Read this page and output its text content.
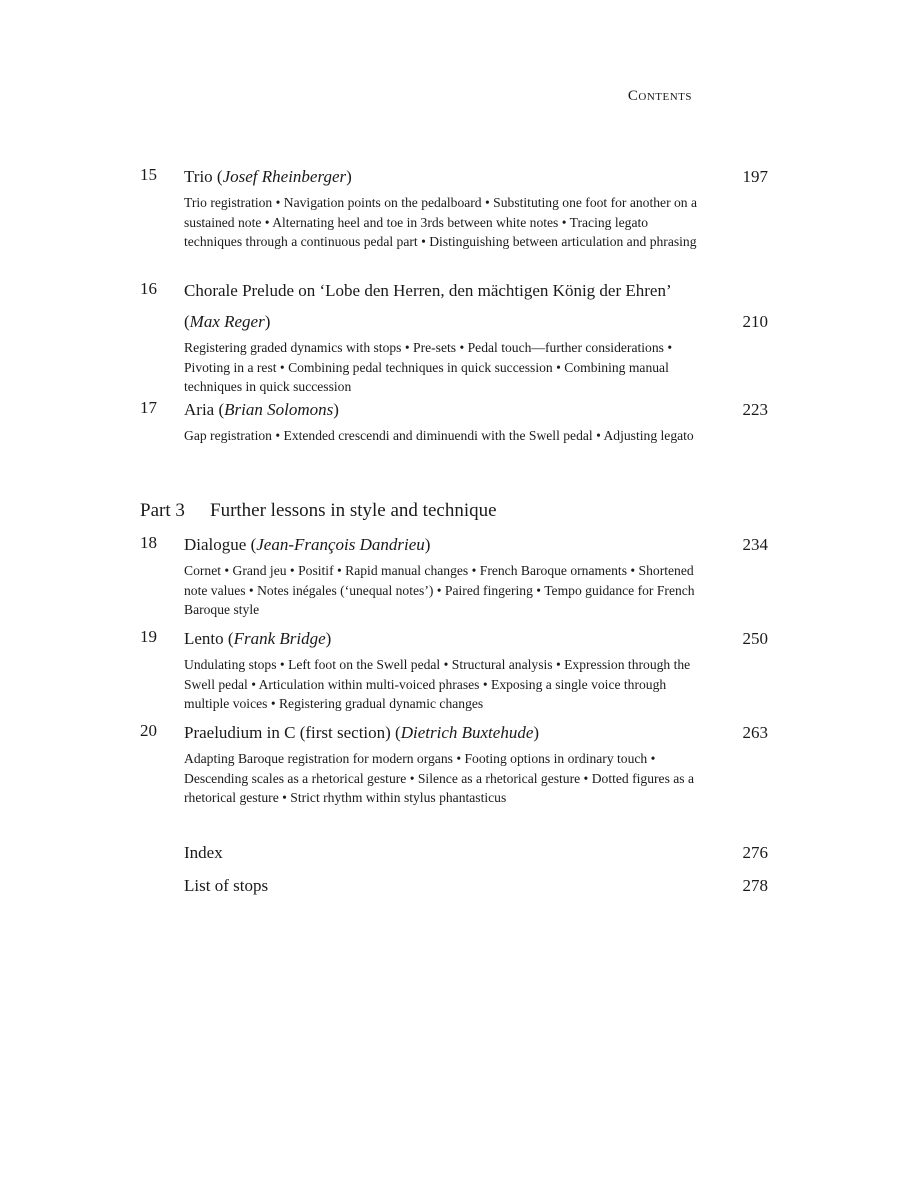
Contents
15	Trio (Josef Rheinberger)	197
Trio registration • Navigation points on the pedalboard • Substituting one foot for another on a sustained note • Alternating heel and toe in 3rds between white notes • Tracing legato techniques through a continuous pedal part • Distinguishing between articulation and phrasing
16	Chorale Prelude on ‘Lobe den Herren, den mächtigen König der Ehren’
(Max Reger)	210
Registering graded dynamics with stops • Pre-sets • Pedal touch—further considerations • Pivoting in a rest • Combining pedal techniques in quick succession • Combining manual techniques in quick succession
17	Aria (Brian Solomons)	223
Gap registration • Extended crescendi and diminuendi with the Swell pedal • Adjusting legato
Part 3 Further lessons in style and technique
18	Dialogue (Jean-François Dandrieu)	234
Cornet • Grand jeu • Positif • Rapid manual changes • French Baroque ornaments • Shortened note values • Notes inégales (‘unequal notes’) • Paired fingering • Tempo guidance for French Baroque style
19	Lento (Frank Bridge)	250
Undulating stops • Left foot on the Swell pedal • Structural analysis • Expression through the Swell pedal • Articulation within multi-voiced phrases • Exposing a single voice through multiple voices • Registering gradual dynamic changes
20	Praeludium in C (first section) (Dietrich Buxtehude)	263
Adapting Baroque registration for modern organs • Footing options in ordinary touch • Descending scales as a rhetorical gesture • Silence as a rhetorical gesture • Dotted figures as a rhetorical gesture • Strict rhythm within stylus phantasticus
Index	276
List of stops	278
